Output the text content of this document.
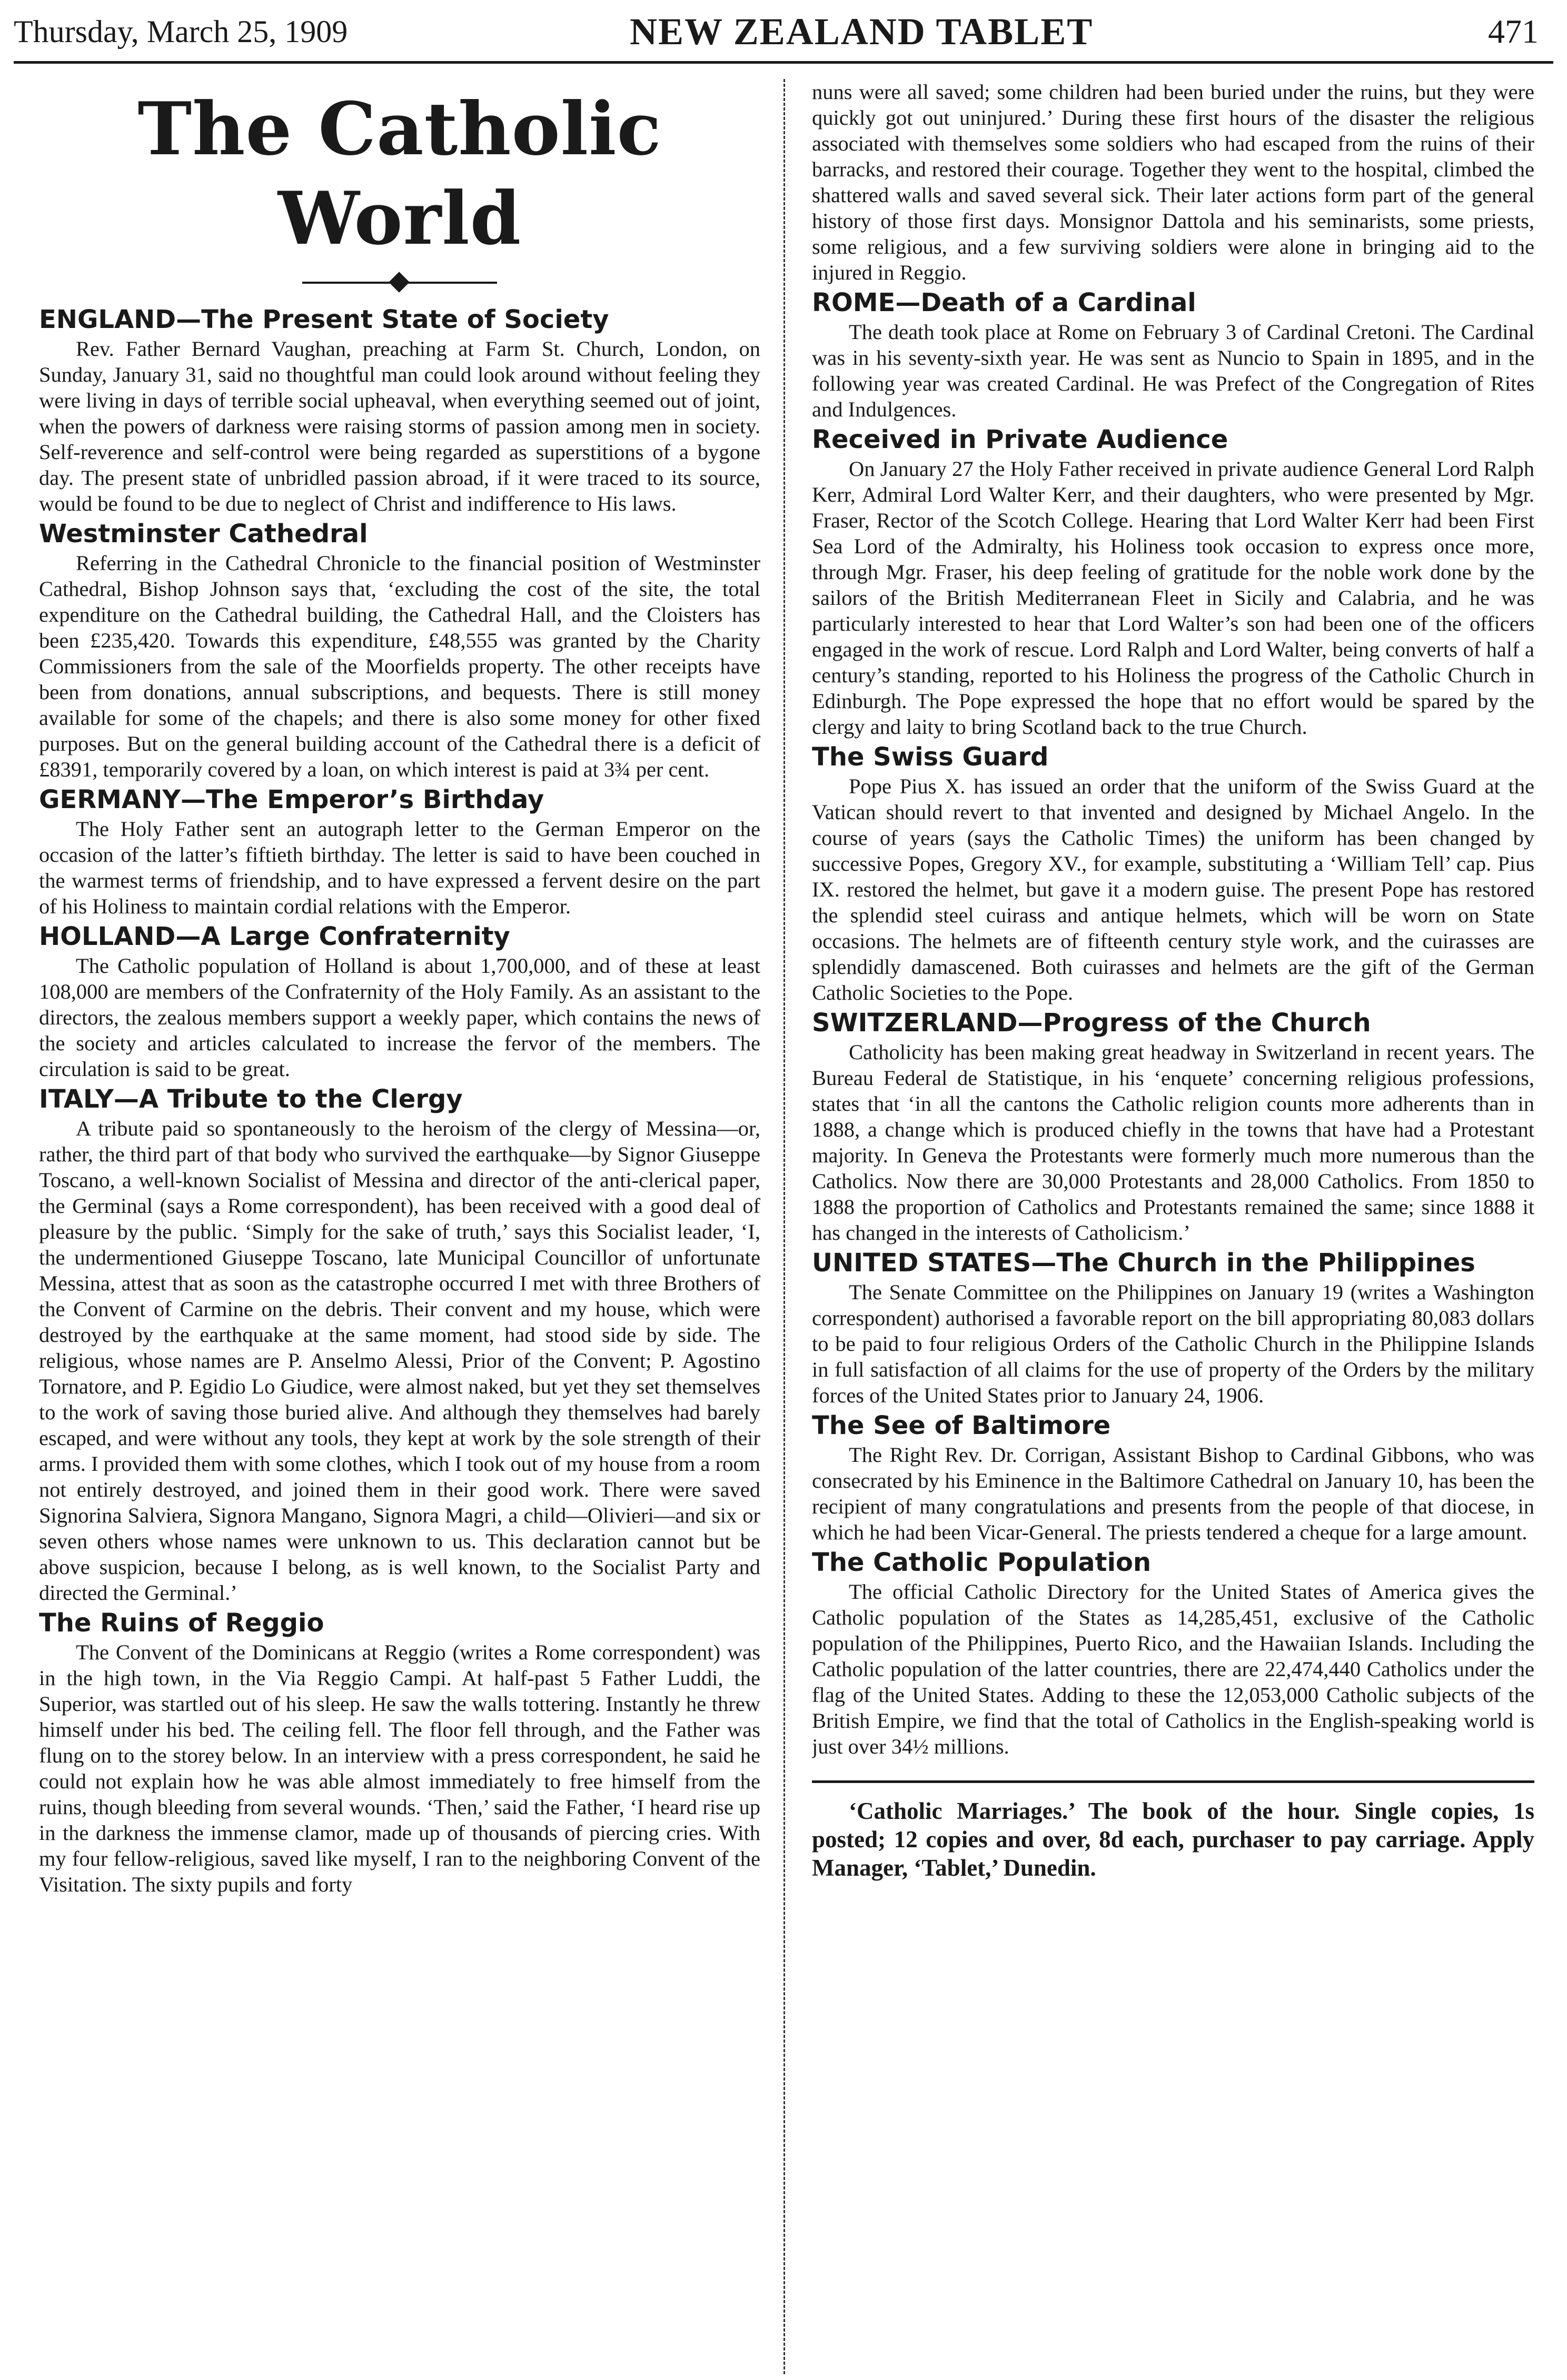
Thursday, March 25, 1909	NEW ZEALAND TABLET	471
The Catholic World
ENGLAND—The Present State of Society

Rev. Father Bernard Vaughan, preaching at Farm St. Church, London, on Sunday, January 31, said no thoughtful man could look around without feeling they were living in days of terrible social upheaval, when everything seemed out of joint, when the powers of darkness were raising storms of passion among men in society. Self-reverence and self-control were being regarded as superstitions of a bygone day. The present state of unbridled passion abroad, if it were traced to its source, would be found to be due to neglect of Christ and indifference to His laws.

Westminster Cathedral

Referring in the Cathedral Chronicle to the financial position of Westminster Cathedral, Bishop Johnson says that, ‘excluding the cost of the site, the total expenditure on the Cathedral building, the Cathedral Hall, and the Cloisters has been £235,420. Towards this expenditure, £48,555 was granted by the Charity Commissioners from the sale of the Moorfields property. The other receipts have been from donations, annual subscriptions, and bequests. There is still money available for some of the chapels; and there is also some money for other fixed purposes. But on the general building account of the Cathedral there is a deficit of £8391, temporarily covered by a loan, on which interest is paid at 3¾ per cent.

GERMANY—The Emperor’s Birthday

The Holy Father sent an autograph letter to the German Emperor on the occasion of the latter’s fiftieth birthday. The letter is said to have been couched in the warmest terms of friendship, and to have expressed a fervent desire on the part of his Holiness to maintain cordial relations with the Emperor.

HOLLAND—A Large Confraternity

The Catholic population of Holland is about 1,700,000, and of these at least 108,000 are members of the Confraternity of the Holy Family. As an assistant to the directors, the zealous members support a weekly paper, which contains the news of the society and articles calculated to increase the fervor of the members. The circulation is said to be great.

ITALY—A Tribute to the Clergy

A tribute paid so spontaneously to the heroism of the clergy of Messina—or, rather, the third part of that body who survived the earthquake—by Signor Giuseppe Toscano, a well-known Socialist of Messina and director of the anti-clerical paper, the Germinal (says a Rome correspondent), has been received with a good deal of pleasure by the public. ‘Simply for the sake of truth,’ says this Socialist leader, ‘I, the undermentioned Giuseppe Toscano, late Municipal Councillor of unfortunate Messina, attest that as soon as the catastrophe occurred I met with three Brothers of the Convent of Carmine on the debris. Their convent and my house, which were destroyed by the earthquake at the same moment, had stood side by side. The religious, whose names are P. Anselmo Alessi, Prior of the Convent; P. Agostino Tornatore, and P. Egidio Lo Giudice, were almost naked, but yet they set themselves to the work of saving those buried alive. And although they themselves had barely escaped, and were without any tools, they kept at work by the sole strength of their arms. I provided them with some clothes, which I took out of my house from a room not entirely destroyed, and joined them in their good work. There were saved Signorina Salviera, Signora Mangano, Signora Magri, a child—Olivieri—and six or seven others whose names were unknown to us. This declaration cannot but be above suspicion, because I belong, as is well known, to the Socialist Party and directed the Germinal.’

The Ruins of Reggio

The Convent of the Dominicans at Reggio (writes a Rome correspondent) was in the high town, in the Via Reggio Campi. At half-past 5 Father Luddi, the Superior, was startled out of his sleep. He saw the walls tottering. Instantly he threw himself under his bed. The ceiling fell. The floor fell through, and the Father was flung on to the storey below. In an interview with a press correspondent, he said he could not explain how he was able almost immediately to free himself from the ruins, though bleeding from several wounds. ‘Then,’ said the Father, ‘I heard rise up in the darkness the immense clamor, made up of thousands of piercing cries. With my four fellow-religious, saved like myself, I ran to the neighboring Convent of the Visitation. The sixty pupils and forty

nuns were all saved; some children had been buried under the ruins, but they were quickly got out uninjured.’ During these first hours of the disaster the religious associated with themselves some soldiers who had escaped from the ruins of their barracks, and restored their courage. Together they went to the hospital, climbed the shattered walls and saved several sick. Their later actions form part of the general history of those first days. Monsignor Dattola and his seminarists, some priests, some religious, and a few surviving soldiers were alone in bringing aid to the injured in Reggio.

ROME—Death of a Cardinal

The death took place at Rome on February 3 of Cardinal Cretoni. The Cardinal was in his seventy-sixth year. He was sent as Nuncio to Spain in 1895, and in the following year was created Cardinal. He was Prefect of the Congregation of Rites and Indulgences.

Received in Private Audience

On January 27 the Holy Father received in private audience General Lord Ralph Kerr, Admiral Lord Walter Kerr, and their daughters, who were presented by Mgr. Fraser, Rector of the Scotch College. Hearing that Lord Walter Kerr had been First Sea Lord of the Admiralty, his Holiness took occasion to express once more, through Mgr. Fraser, his deep feeling of gratitude for the noble work done by the sailors of the British Mediterranean Fleet in Sicily and Calabria, and he was particularly interested to hear that Lord Walter’s son had been one of the officers engaged in the work of rescue. Lord Ralph and Lord Walter, being converts of half a century’s standing, reported to his Holiness the progress of the Catholic Church in Edinburgh. The Pope expressed the hope that no effort would be spared by the clergy and laity to bring Scotland back to the true Church.

The Swiss Guard

Pope Pius X. has issued an order that the uniform of the Swiss Guard at the Vatican should revert to that invented and designed by Michael Angelo. In the course of years (says the Catholic Times) the uniform has been changed by successive Popes, Gregory XV., for example, substituting a ‘William Tell’ cap. Pius IX. restored the helmet, but gave it a modern guise. The present Pope has restored the splendid steel cuirass and antique helmets, which will be worn on State occasions. The helmets are of fifteenth century style work, and the cuirasses are splendidly damascened. Both cuirasses and helmets are the gift of the German Catholic Societies to the Pope.

SWITZERLAND—Progress of the Church

Catholicity has been making great headway in Switzerland in recent years. The Bureau Federal de Statistique, in his ‘enquete’ concerning religious professions, states that ‘in all the cantons the Catholic religion counts more adherents than in 1888, a change which is produced chiefly in the towns that have had a Protestant majority. In Geneva the Protestants were formerly much more numerous than the Catholics. Now there are 30,000 Protestants and 28,000 Catholics. From 1850 to 1888 the proportion of Catholics and Protestants remained the same; since 1888 it has changed in the interests of Catholicism.’

UNITED STATES—The Church in the Philippines

The Senate Committee on the Philippines on January 19 (writes a Washington correspondent) authorised a favorable report on the bill appropriating 80,083 dollars to be paid to four religious Orders of the Catholic Church in the Philippine Islands in full satisfaction of all claims for the use of property of the Orders by the military forces of the United States prior to January 24, 1906.

The See of Baltimore

The Right Rev. Dr. Corrigan, Assistant Bishop to Cardinal Gibbons, who was consecrated by his Eminence in the Baltimore Cathedral on January 10, has been the recipient of many congratulations and presents from the people of that diocese, in which he had been Vicar-General. The priests tendered a cheque for a large amount.

The Catholic Population

The official Catholic Directory for the United States of America gives the Catholic population of the States as 14,285,451, exclusive of the Catholic population of the Philippines, Puerto Rico, and the Hawaiian Islands. Including the Catholic population of the latter countries, there are 22,474,440 Catholics under the flag of the United States. Adding to these the 12,053,000 Catholic subjects of the British Empire, we find that the total of Catholics in the English-speaking world is just over 34½ millions.

‘Catholic Marriages.’ The book of the hour. Single copies, 1s posted; 12 copies and over, 8d each, purchaser to pay carriage. Apply Manager, ‘Tablet,’ Dunedin.
